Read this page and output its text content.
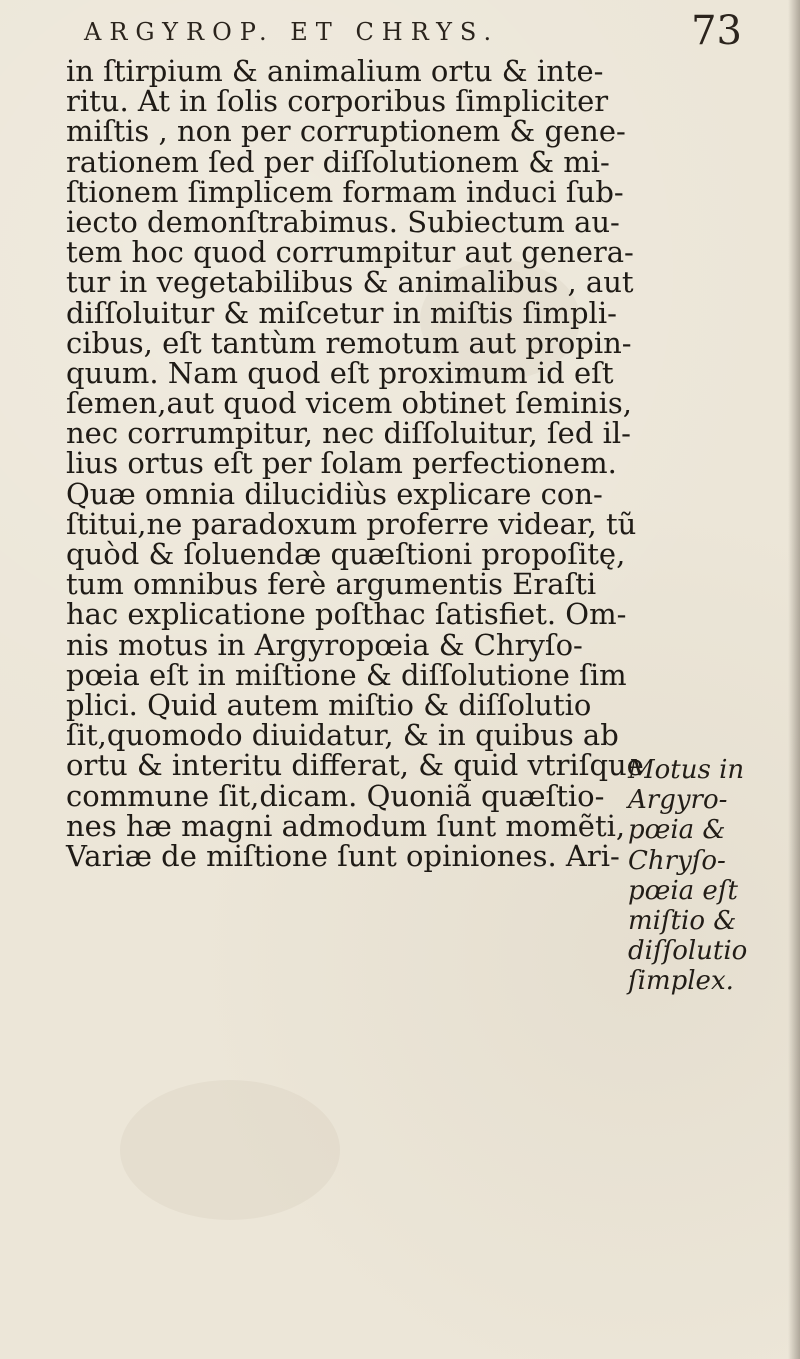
ARGYROP. ET CHRYS.	73
in ſtirpium & animalium ortu & inte-
ritu. At in ſolis corporibus ſimpliciter
miſtis , non per corruptionem & gene-
rationem ſed per diſſolutionem & mi-
ſtionem ſimplicem formam induci ſub-
iecto demonſtrabimus. Subiectum au-
tem hoc quod corrumpitur aut genera-
tur in vegetabilibus & animalibus , aut
diſſoluitur & miſcetur in miſtis ſimpli-
cibus, eſt tantùm remotum aut propin-
quum. Nam quod eſt proximum id eſt
ſemen,aut quod vicem obtinet ſeminis,
nec corrumpitur, nec diſſoluitur, ſed il-
lius ortus eſt per ſolam perfectionem.
Quæ omnia dilucidiùs explicare con-
ſtitui,ne paradoxum proferre videar, tũ
quòd & ſoluendæ quæſtioni propoſitę,
tum omnibus ferè argumentis Eraſti
hac explicatione poſthac ſatisfiet. Om-
nis motus in Argyropœia & Chryſo-
pœia eſt in miſtione & diſſolutione ſim
plici. Quid autem miſtio & diſſolutio
ſit,quomodo diuidatur, & in quibus ab
ortu & interitu differat, & quid vtriſque
commune ſit,dicam. Quoniã quæſtio-
nes hæ magni admodum ſunt momẽti,
Variæ de miſtione ſunt opiniones. Ari-
Motus in
Argyro-
pœia &
Chryſo-
pœia eſt
miſtio &
diſſolutio
ſimplex.
